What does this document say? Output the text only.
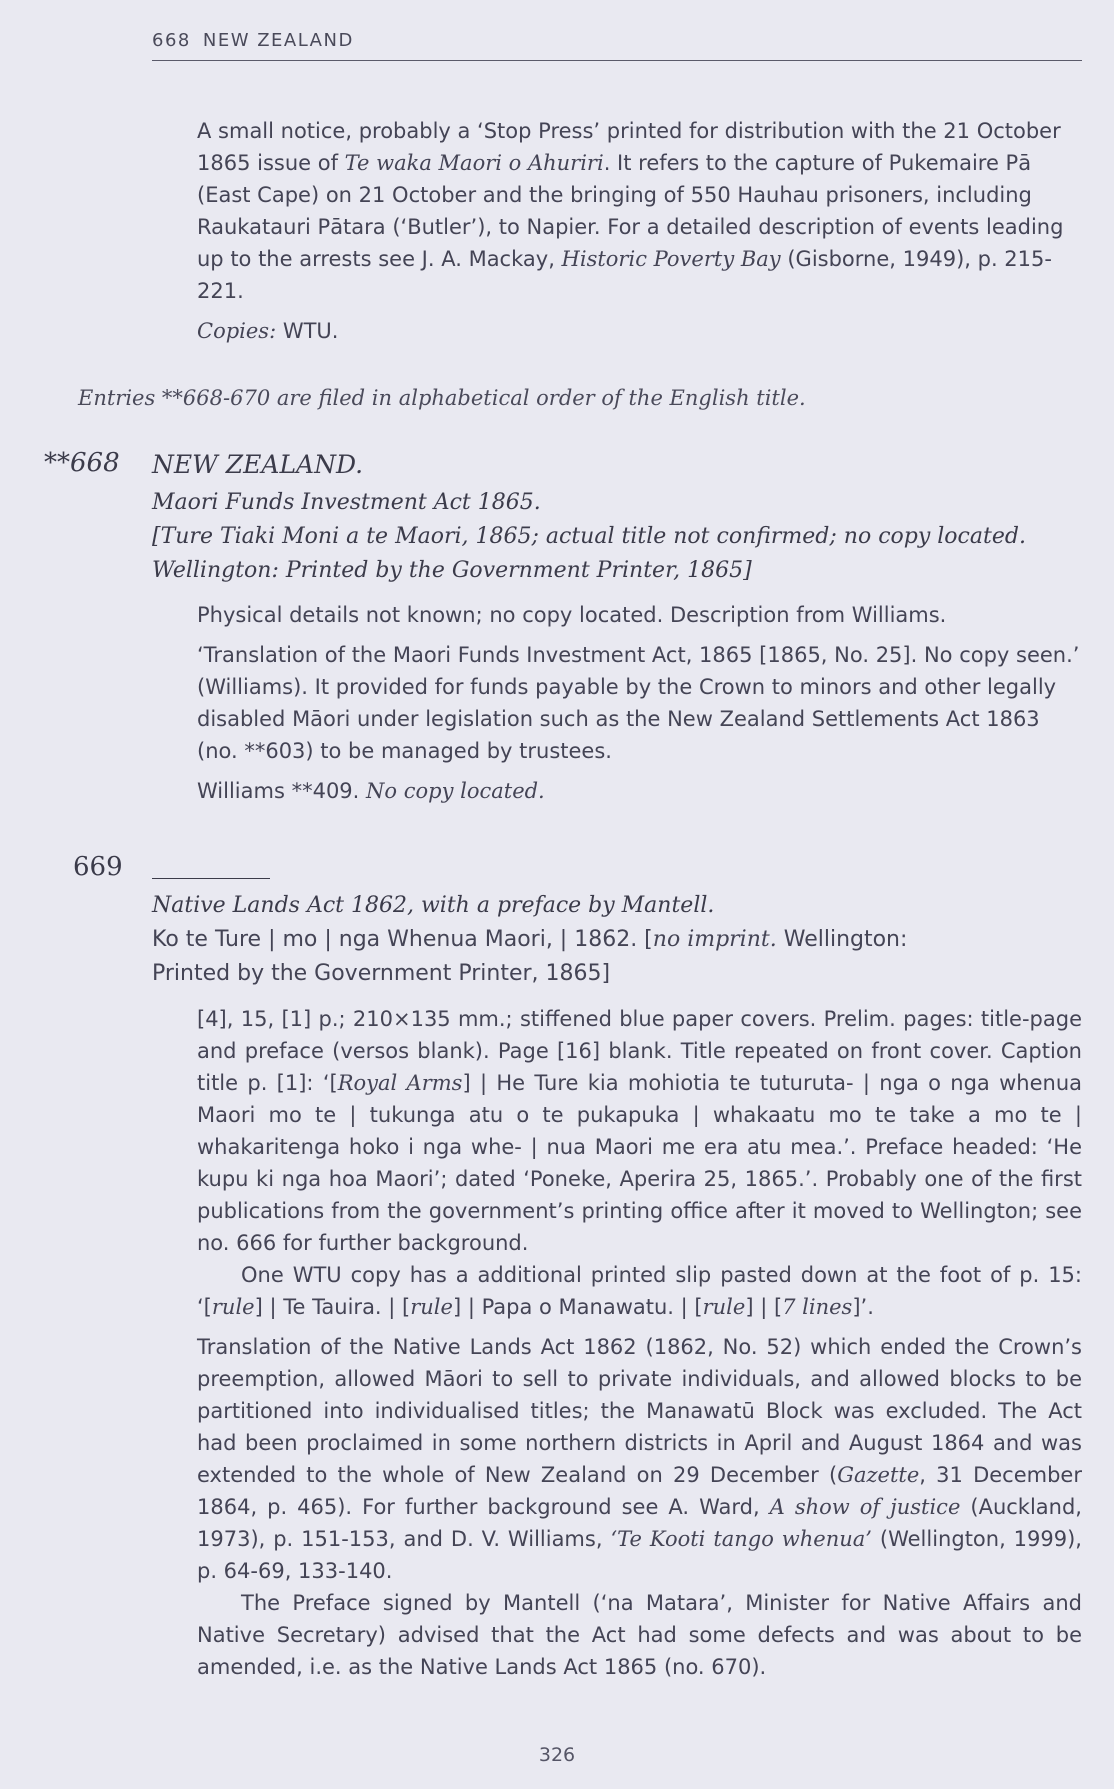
668 NEW ZEALAND

A small notice, probably a ‘Stop Press’ printed for distribution with the 21 October 1865 issue of Te waka Maori o Ahuriri. It refers to the capture of Pukemaire Pā (East Cape) on 21 October and the bringing of 550 Hauhau prisoners, including Raukatauri Pātara (‘Butler’), to Napier. For a detailed description of events leading up to the arrests see J. A. Mackay, Historic Poverty Bay (Gisborne, 1949), p. 215-221.

Copies: WTU.

Entries **668-670 are filed in alphabetical order of the English title.
**668 NEW ZEALAND.

Maori Funds Investment Act 1865.

[Ture Tiaki Moni a te Maori, 1865; actual title not confirmed; no copy located.

Wellington: Printed by the Government Printer, 1865]

Physical details not known; no copy located. Description from Williams.

‘Translation of the Maori Funds Investment Act, 1865 [1865, No. 25]. No copy seen.’ (Williams). It provided for funds payable by the Crown to minors and other legally disabled Māori under legislation such as the New Zealand Settlements Act 1863 (no. **603) to be managed by trustees.

Williams **409. No copy located.

669

Native Lands Act 1862, with a preface by Mantell.

Ko te Ture | mo | nga Whenua Maori, | 1862. [no imprint. Wellington:

Printed by the Government Printer, 1865]

[4], 15, [1] p.; 210×135 mm.; stiffened blue paper covers. Prelim. pages: title-page and preface (versos blank). Page [16] blank. Title repeated on front cover. Caption title p. [1]: ‘[Royal Arms] | He Ture kia mohiotia te tuturuta- | nga o nga whenua Maori mo te | tukunga atu o te pukapuka | whakaatu mo te take a mo te | whakaritenga hoko i nga whe- | nua Maori me era atu mea.’. Preface headed: ‘He kupu ki nga hoa Maori’; dated ‘Poneke, Aperira 25, 1865.’. Probably one of the first publications from the government’s printing office after it moved to Wellington; see no. 666 for further background.

One WTU copy has a additional printed slip pasted down at the foot of p. 15: ‘[rule] | Te Tauira. | [rule] | Papa o Manawatu. | [rule] | [7 lines]’.

Translation of the Native Lands Act 1862 (1862, No. 52) which ended the Crown’s preemption, allowed Māori to sell to private individuals, and allowed blocks to be partitioned into individualised titles; the Manawatū Block was excluded. The Act had been proclaimed in some northern districts in April and August 1864 and was extended to the whole of New Zealand on 29 December (Gazette, 31 December 1864, p. 465). For further background see A. Ward, A show of justice (Auckland, 1973), p. 151-153, and D. V. Williams, ‘Te Kooti tango whenua’ (Wellington, 1999), p. 64-69, 133-140.

The Preface signed by Mantell (‘na Matara’, Minister for Native Affairs and Native Secretary) advised that the Act had some defects and was about to be amended, i.e. as the Native Lands Act 1865 (no. 670).

326
